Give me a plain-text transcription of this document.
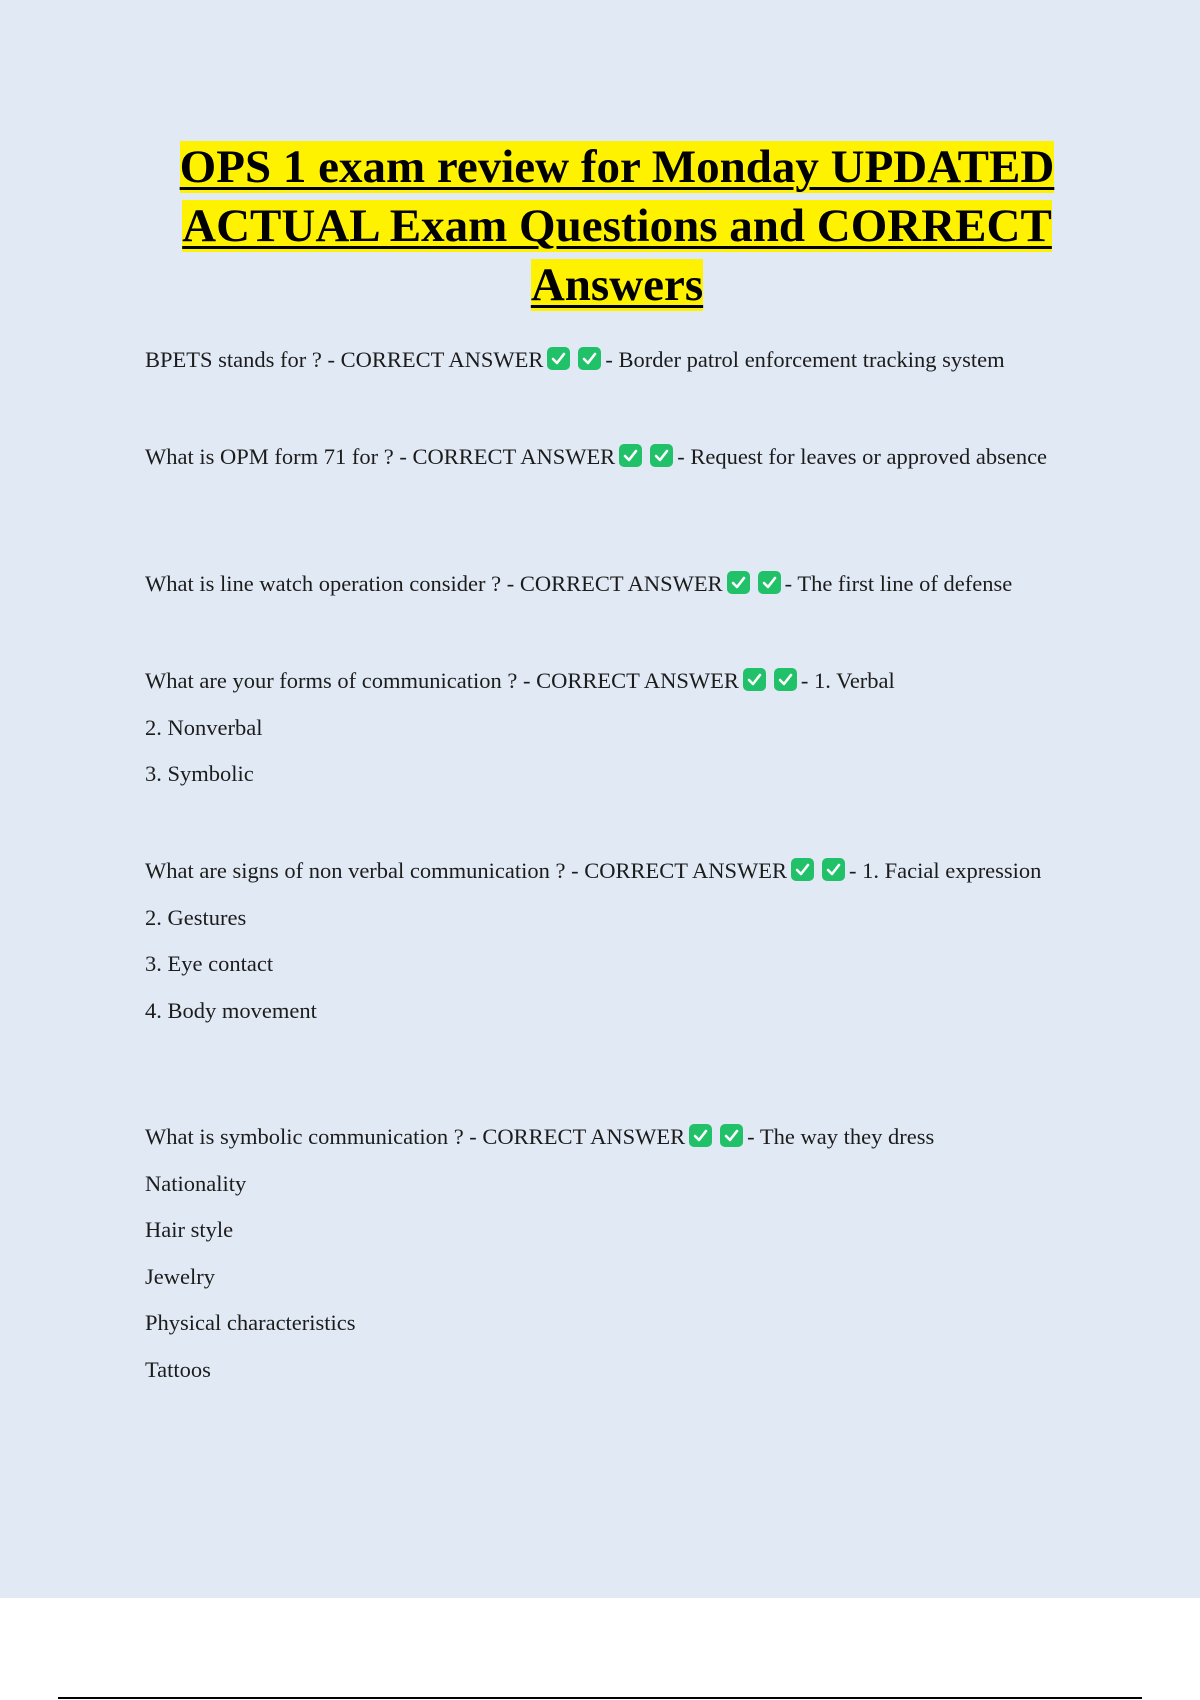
OPS 1 exam review for Monday UPDATED ACTUAL Exam Questions and CORRECT Answers

BPETS stands for ? - CORRECT ANSWER	- Border patrol enforcement tracking system

What is OPM form 71 for ? - CORRECT ANSWER	- Request for leaves or approved absence

What is line watch operation consider ? - CORRECT ANSWER	- The first line of defense

What are your forms of communication ? - CORRECT ANSWER	- 1. Verbal

2. Nonverbal

3. Symbolic

What are signs of non verbal communication ? - CORRECT ANSWER	- 1. Facial expression

2. Gestures

3. Eye contact

4. Body movement

What is symbolic communication ? - CORRECT ANSWER	- The way they dress

Nationality

Hair style

Jewelry

Physical characteristics

Tattoos
